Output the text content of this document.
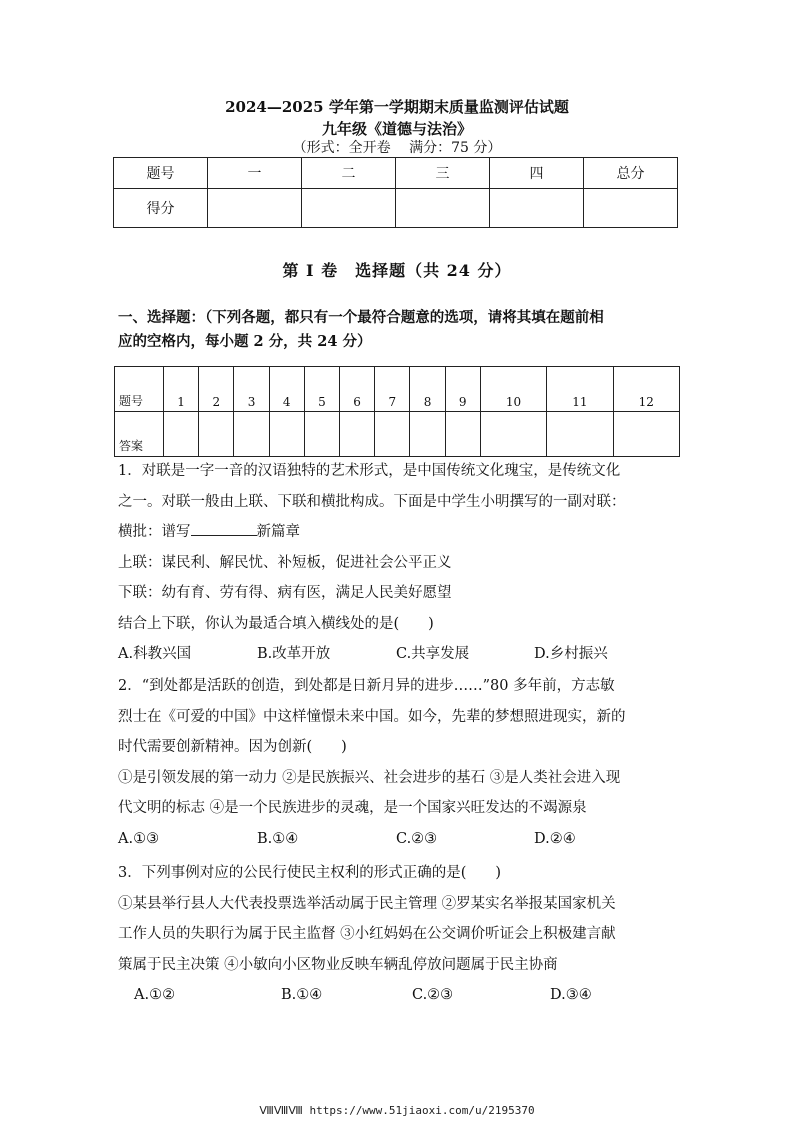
2024—2025 学年第一学期期末质量监测评估试题
九年级《道德与法治》
（形式：全开卷　 满分：75 分）
题号	一	二	三	四	总分
得分					
第 I 卷　选择题（共 24 分）
一、选择题：（下列各题，都只有一个最符合题意的选项，请将其填在题前相
应的空格内，每小题 2 分，共 24 分）
题号	1	2	3	4	5	6	7	8	9	10	11	12
答案												
1．对联是一字一音的汉语独特的艺术形式，是中国传统文化瑰宝，是传统文化
之一。对联一般由上联、下联和横批构成。下面是中学生小明撰写的一副对联：
横批：谱写	新篇章
上联：谋民利、解民忧、补短板，促进社会公平正义
下联：幼有育、劳有得、病有医，满足人民美好愿望
结合上下联，你认为最适合填入横线处的是(　　)
A.科教兴国	B.改革开放	C.共享发展	D.乡村振兴
2．“到处都是活跃的创造，到处都是日新月异的进步……”80 多年前，方志敏
烈士在《可爱的中国》中这样憧憬未来中国。如今，先辈的梦想照进现实，新的
时代需要创新精神。因为创新(　　)
①是引领发展的第一动力 ②是民族振兴、社会进步的基石 ③是人类社会进入现
代文明的标志 ④是一个民族进步的灵魂，是一个国家兴旺发达的不竭源泉
A.①③	B.①④	C.②③	D.②④
3．下列事例对应的公民行使民主权利的形式正确的是(　　)
①某县举行县人大代表投票选举活动属于民主管理 ②罗某实名举报某国家机关
工作人员的失职行为属于民主监督 ③小红妈妈在公交调价听证会上积极建言献
策属于民主决策 ④小敏向小区物业反映车辆乱停放问题属于民主协商
A.①②	B.①④	C.②③	D.③④
ⅧⅧⅧ https://www.51jiaoxi.com/u/2195370
